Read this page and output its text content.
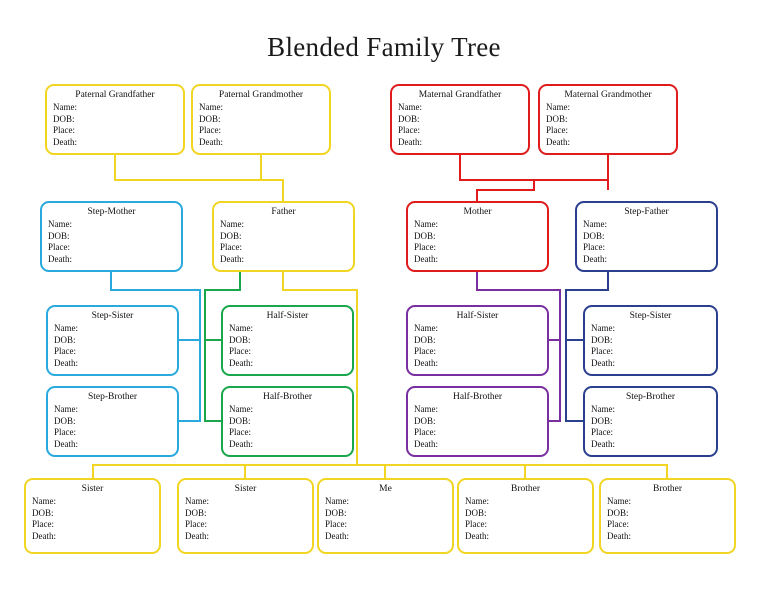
Blended Family Tree
Paternal Grandfather
Name:
DOB:
Place:
Death:
Paternal Grandmother
Name:
DOB:
Place:
Death:
Maternal Grandfather
Name:
DOB:
Place:
Death:
Maternal Grandmother
Name:
DOB:
Place:
Death:
Step-Mother
Name:
DOB:
Place:
Death:
Father
Name:
DOB:
Place:
Death:
Mother
Name:
DOB:
Place:
Death:
Step-Father
Name:
DOB:
Place:
Death:
Step-Sister
Name:
DOB:
Place:
Death:
Half-Sister
Name:
DOB:
Place:
Death:
Half-Sister
Name:
DOB:
Place:
Death:
Step-Sister
Name:
DOB:
Place:
Death:
Step-Brother
Name:
DOB:
Place:
Death:
Half-Brother
Name:
DOB:
Place:
Death:
Half-Brother
Name:
DOB:
Place:
Death:
Step-Brother
Name:
DOB:
Place:
Death:
Sister
Name:
DOB:
Place:
Death:
Sister
Name:
DOB:
Place:
Death:
Me
Name:
DOB:
Place:
Death:
Brother
Name:
DOB:
Place:
Death:
Brother
Name:
DOB:
Place:
Death:
